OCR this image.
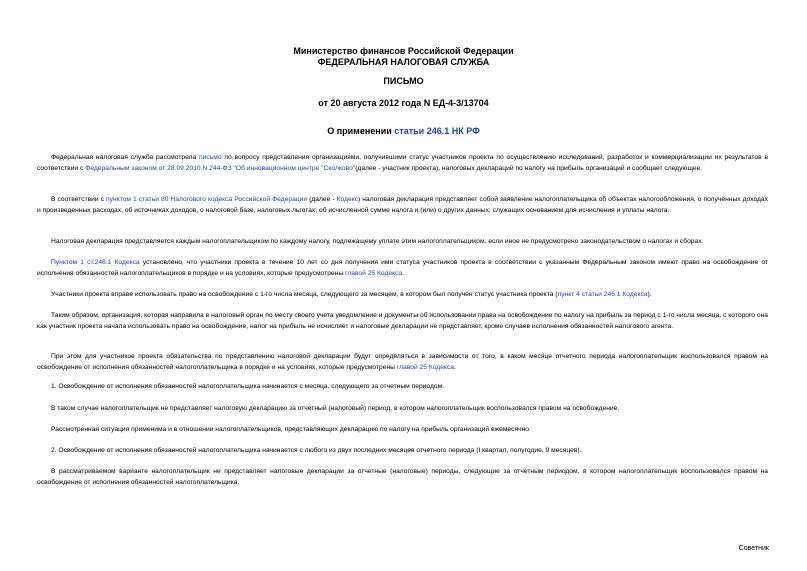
Министерство финансов Российской Федерации
ФЕДЕРАЛЬНАЯ НАЛОГОВАЯ СЛУЖБА
ПИСЬМО
от 20 августа 2012 года N ЕД-4-3/13704
О применении статьи 246.1 НК РФ
Федеральная налоговая служба рассмотрела письмо по вопросу представления организациями, получившими статус участников проекта по осуществлению исследований, разработок и коммерциализации их результатов в соответствии с Федеральным законом от 28.09.2010 N 244-ФЗ "Об инновационном центре "Сколково"(далее - участник проекта), налоговых деклараций по налогу на прибыль организаций и сообщает следующее.
В соответствии с пунктом 1 статьи 80 Налогового кодекса Российской Федерации (далее - Кодекс) налоговая декларация представляет собой заявление налогоплательщика об объектах налогообложения, о полученных доходах и произведенных расходах, об источниках доходов, о налоговой базе, налоговых льготах, об исчисленной сумме налога и (или) о других данных, служащих основанием для исчисления и уплаты налога.
Налоговая декларация представляется каждым налогоплательщиком по каждому налогу, подлежащему уплате этим налогоплательщиком, если иное не предусмотрено законодательством о налогах и сборах.
Пунктом 1 ст.246.1 Кодекса установлено, что участники проекта в течение 10 лет со дня получения ими статуса участников проекта в соответствии с указанным Федеральным законом имеют право на освобождение от исполнения обязанностей налогоплательщиков в порядке и на условиях, которые предусмотрены главой 25 Кодекса.
Участники проекта вправе использовать право на освобождение с 1-го числа месяца, следующего за месяцем, в котором был получен статус участника проекта (пункт 4 статьи 246.1 Кодекса).
Таким образом, организация, которая направила в налоговый орган по месту своего учета уведомление и документы об использовании права на освобождение по налогу на прибыль за период с 1-го числа месяца, с которого она как участник проекта начала использовать право на освобождение, налог на прибыль не исчисляет и налоговые декларации не представляет, кроме случаев исполнения обязанностей налогового агента.
При этом для участников проекта обязательства по представлению налоговой декларации будут определяться в зависимости от того, в каком месяце отчетного периода налогоплательщик воспользовался правом на освобождение от исполнения обязанностей налогоплательщика в порядке и на условиях, которые предусмотрены главой 25 Кодекса.
1. Освобождение от исполнения обязанностей налогоплательщика начинается с месяца, следующего за отчетным периодом.
В таком случае налогоплательщик не представляет налоговую декларацию за отчетный (налоговый) период, в котором налогоплательщик воспользовался правом на освобождение.
Рассмотренная ситуация применима и в отношении налогоплательщиков, представляющих декларацию по налогу на прибыль организаций ежемесячно.
2. Освобождение от исполнения обязанностей налогоплательщика начинается с любого из двух последних месяцев отчетного периода (I квартал, полугодие, 9 месяцев).
В рассматриваемом варианте налогоплательщик не представляет налоговые декларации за отчетные (налоговые) периоды, следующие за отчетным периодом, в котором налогоплательщик воспользовался правом на освобождение от исполнения обязанностей налогоплательщика.
Советник
